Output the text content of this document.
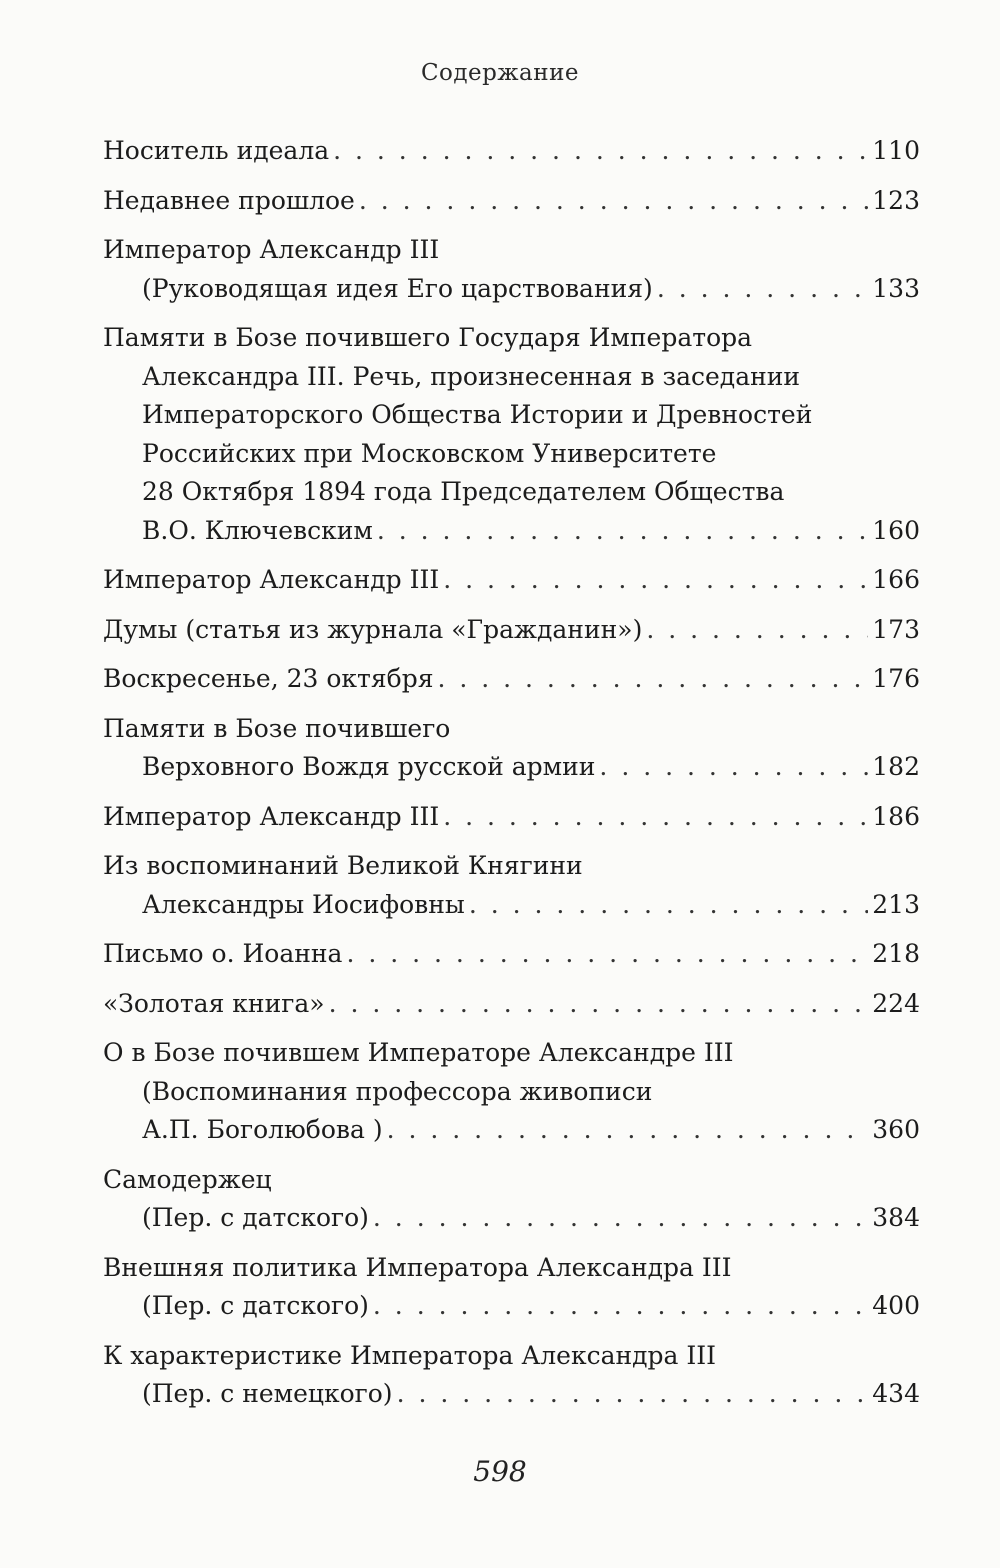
Содержание
Носитель идеала . . .	110
Недавнее прошлое . . .	123
Император Александр III
(Руководящая идея Его царствования) . . .	133
Памяти в Бозе почившего Государя Императора
Александра III. Речь, произнесенная в заседании
Императорского Общества Истории и Древностей
Российских при Московском Университете
28 Октября 1894 года Председателем Общества
В.О. Ключевским . . .	160
Император Александр III . . .	166
Думы (статья из журнала «Гражданин») . . .	173
Воскресенье, 23 октября . . .	176
Памяти в Бозе почившего
Верховного Вождя русской армии . . .	182
Император Александр III . . .	186
Из воспоминаний Великой Княгини
Александры Иосифовны . . .	213
Письмо о. Иоанна . . .	218
«Золотая книга» . . .	224
О в Бозе почившем Императоре Александре III
(Воспоминания профессора живописи
А.П. Боголюбова ) . . .	360
Самодержец
(Пер. с датского) . . .	384
Внешняя политика Императора Александра III
(Пер. с датского) . . .	400
К характеристике Императора Александра III
(Пер. с немецкого) . . .	434
598
